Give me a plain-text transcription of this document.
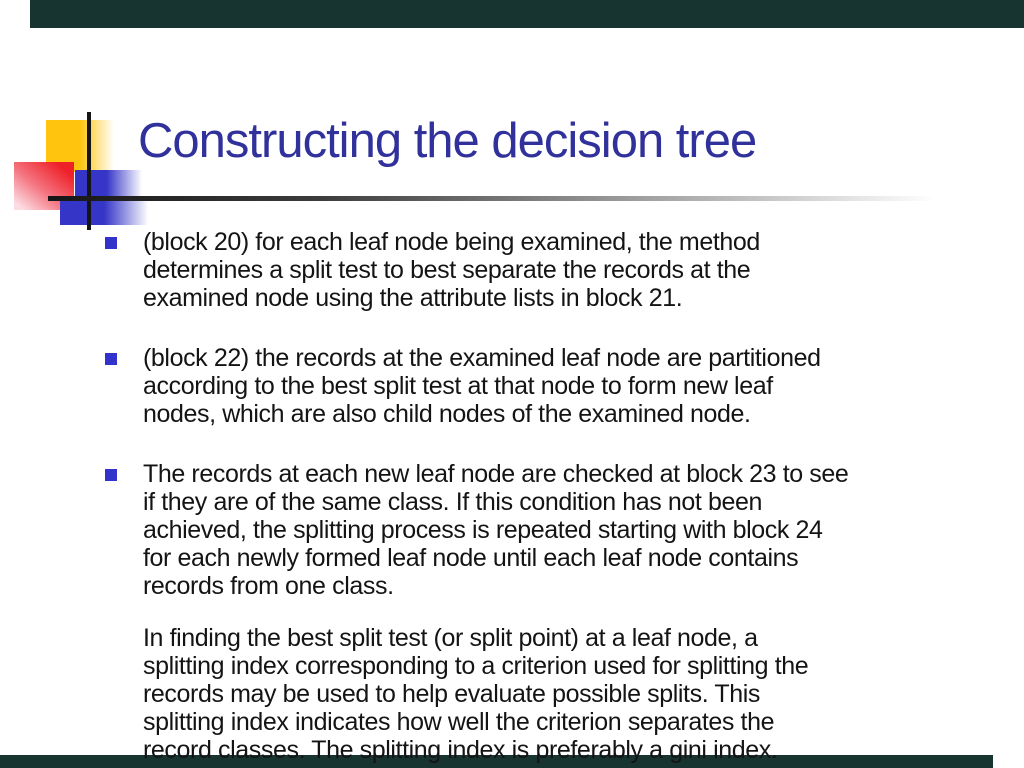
Constructing the decision tree
(block 20) for each leaf node being examined, the method
determines a split test to best separate the records at the
examined node using the attribute lists in block 21.
(block 22) the records at the examined leaf node are partitioned
according to the best split test at that node to form new leaf
nodes, which are also child nodes of the examined node.
The records at each new leaf node are checked at block 23 to see
if they are of the same class. If this condition has not been
achieved, the splitting process is repeated starting with block 24
for each newly formed leaf node until each leaf node contains
records from one class.
In finding the best split test (or split point) at a leaf node, a
splitting index corresponding to a criterion used for splitting the
records may be used to help evaluate possible splits. This
splitting index indicates how well the criterion separates the
record classes. The splitting index is preferably a gini index.
